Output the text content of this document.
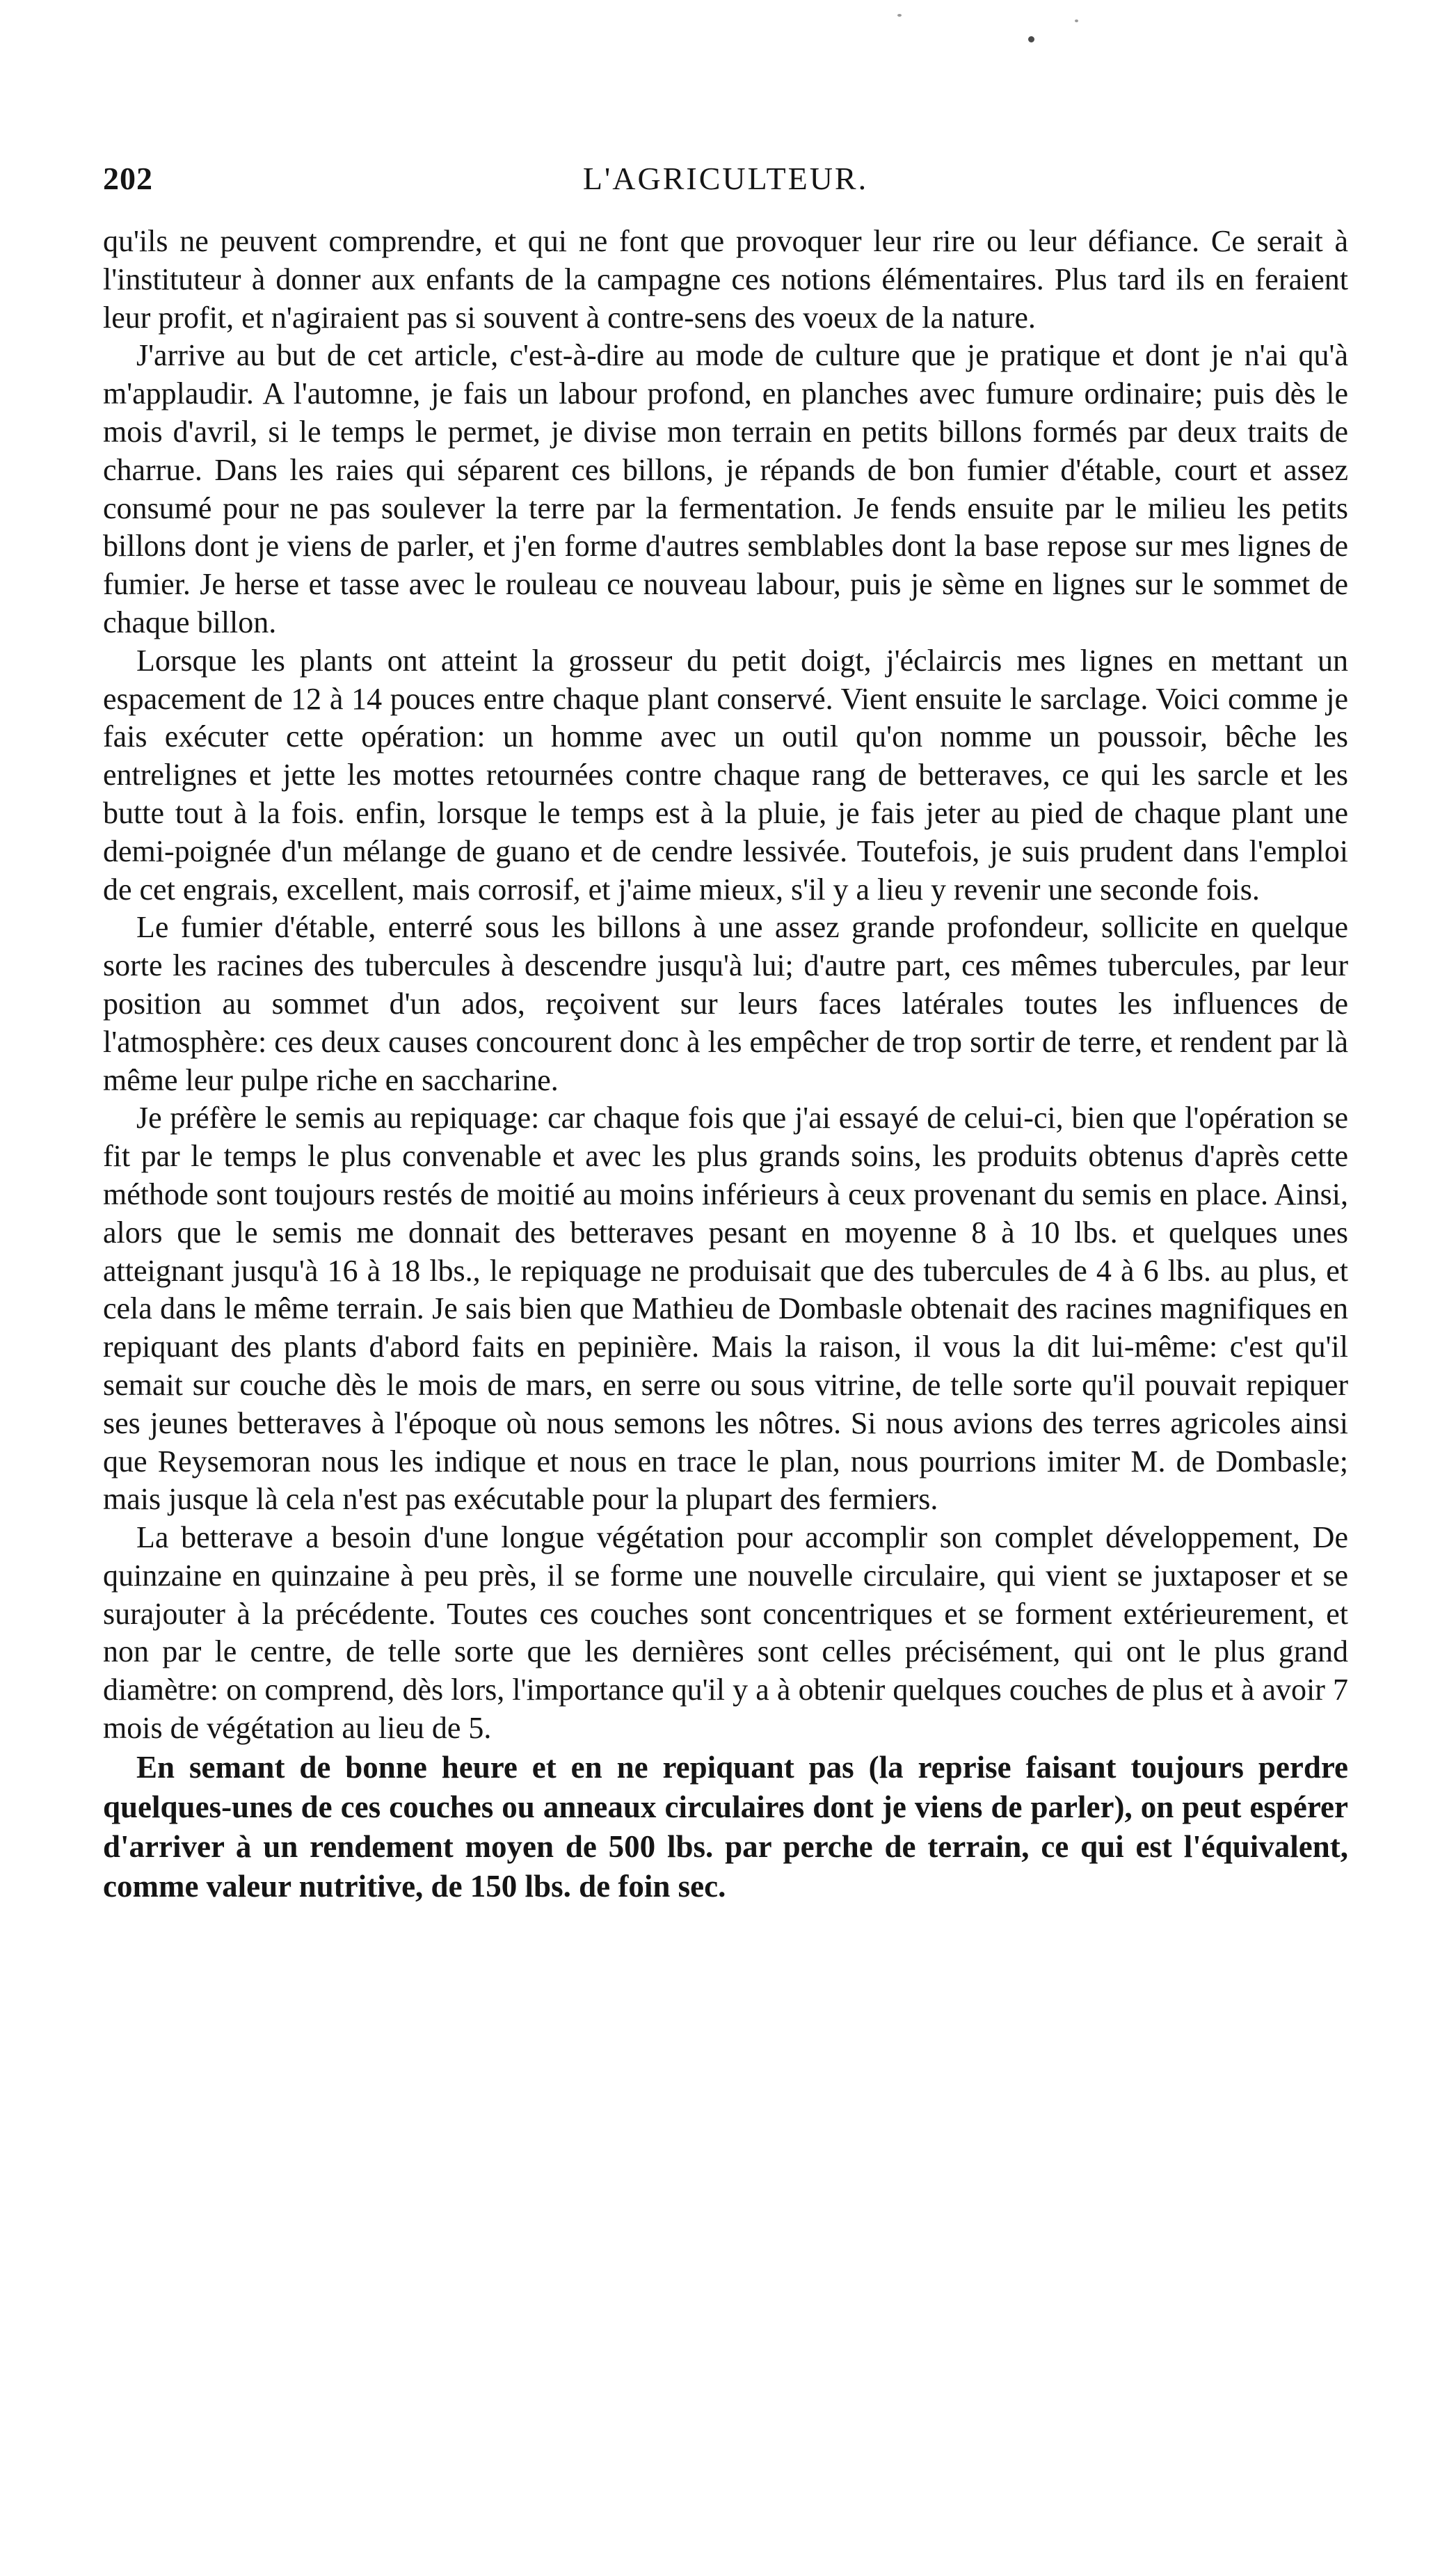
202	L'AGRICULTEUR.

qu'ils ne peuvent comprendre, et qui ne font que provoquer leur rire ou leur défiance. Ce serait à l'instituteur à donner aux enfants de la campagne ces notions élémentaires. Plus tard ils en feraient leur profit, et n'agiraient pas si souvent à contre-sens des voeux de la nature.

J'arrive au but de cet article, c'est-à-dire au mode de culture que je pratique et dont je n'ai qu'à m'applaudir. A l'automne, je fais un labour profond, en planches avec fumure ordinaire; puis dès le mois d'avril, si le temps le permet, je divise mon terrain en petits billons formés par deux traits de charrue. Dans les raies qui séparent ces billons, je répands de bon fumier d'étable, court et assez consumé pour ne pas soulever la terre par la fermentation. Je fends ensuite par le milieu les petits billons dont je viens de parler, et j'en forme d'autres semblables dont la base repose sur mes lignes de fumier. Je herse et tasse avec le rouleau ce nouveau labour, puis je sème en lignes sur le sommet de chaque billon.

Lorsque les plants ont atteint la grosseur du petit doigt, j'éclaircis mes lignes en mettant un espacement de 12 à 14 pouces entre chaque plant conservé. Vient ensuite le sarclage. Voici comme je fais exécuter cette opération: un homme avec un outil qu'on nomme un poussoir, bêche les entrelignes et jette les mottes retournées contre chaque rang de betteraves, ce qui les sarcle et les butte tout à la fois. enfin, lorsque le temps est à la pluie, je fais jeter au pied de chaque plant une demi-poignée d'un mélange de guano et de cendre lessivée. Toutefois, je suis prudent dans l'emploi de cet engrais, excellent, mais corrosif, et j'aime mieux, s'il y a lieu y revenir une seconde fois.

Le fumier d'étable, enterré sous les billons à une assez grande profondeur, sollicite en quelque sorte les racines des tubercules à descendre jusqu'à lui; d'autre part, ces mêmes tubercules, par leur position au sommet d'un ados, reçoivent sur leurs faces latérales toutes les influences de l'atmosphère: ces deux causes concourent donc à les empêcher de trop sortir de terre, et rendent par là même leur pulpe riche en saccharine.

Je préfère le semis au repiquage: car chaque fois que j'ai essayé de celui-ci, bien que l'opération se fit par le temps le plus convenable et avec les plus grands soins, les produits obtenus d'après cette méthode sont toujours restés de moitié au moins inférieurs à ceux provenant du semis en place. Ainsi, alors que le semis me donnait des betteraves pesant en moyenne 8 à 10 lbs. et quelques unes atteignant jusqu'à 16 à 18 lbs., le repiquage ne produisait que des tubercules de 4 à 6 lbs. au plus, et cela dans le même terrain. Je sais bien que Mathieu de Dombasle obtenait des racines magnifiques en repiquant des plants d'abord faits en pepinière. Mais la raison, il vous la dit lui-même: c'est qu'il semait sur couche dès le mois de mars, en serre ou sous vitrine, de telle sorte qu'il pouvait repiquer ses jeunes betteraves à l'époque où nous semons les nôtres. Si nous avions des terres agricoles ainsi que Reysemoran nous les indique et nous en trace le plan, nous pourrions imiter M. de Dombasle; mais jusque là cela n'est pas exécutable pour la plupart des fermiers.

La betterave a besoin d'une longue végétation pour accomplir son complet développement, De quinzaine en quinzaine à peu près, il se forme une nouvelle circulaire, qui vient se juxtaposer et se surajouter à la précédente. Toutes ces couches sont concentriques et se forment extérieurement, et non par le centre, de telle sorte que les dernières sont celles précisément, qui ont le plus grand diamètre: on comprend, dès lors, l'importance qu'il y a à obtenir quelques couches de plus et à avoir 7 mois de végétation au lieu de 5.

En semant de bonne heure et en ne repiquant pas (la reprise faisant toujours perdre quelques-unes de ces couches ou anneaux circulaires dont je viens de parler), on peut espérer d'arriver à un rendement moyen de 500 lbs. par perche de terrain, ce qui est l'équivalent, comme valeur nutritive, de 150 lbs. de foin sec.
